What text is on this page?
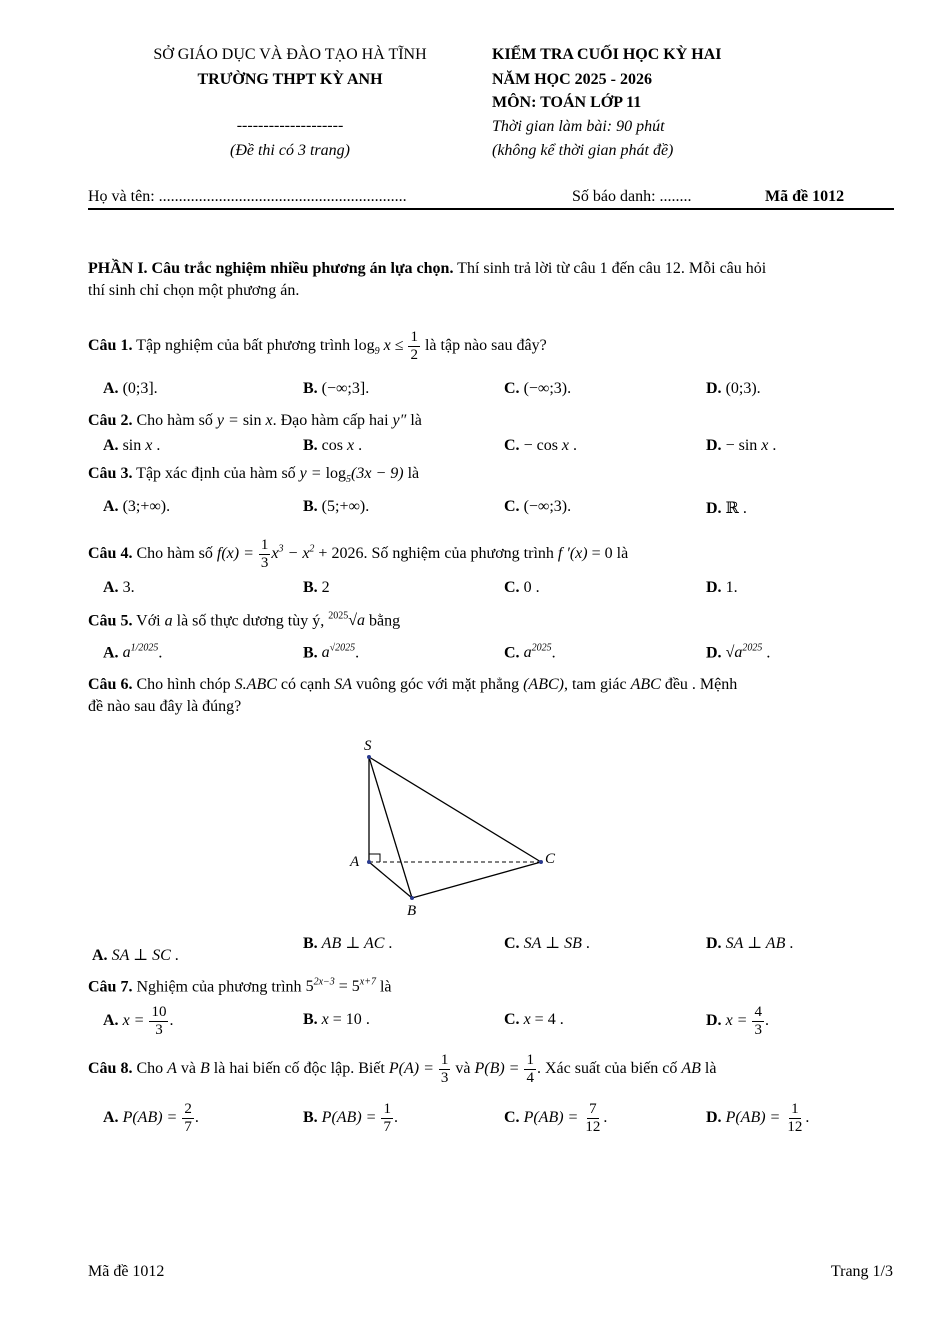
SỞ GIÁO DỤC VÀ ĐÀO TẠO HÀ TĨNH
TRƯỜNG THPT KỲ ANH
--------------------
(Đề thi có 3 trang)
KIỂM TRA CUỐI HỌC KỲ HAI
NĂM HỌC 2025 - 2026
MÔN: TOÁN LỚP 11
Thời gian làm bài: 90 phút
(không kể thời gian phát đề)
Họ và tên: ..............................................................	Số báo danh: ........	Mã đề 1012
PHẦN I. Câu trắc nghiệm nhiều phương án lựa chọn. Thí sinh trả lời từ câu 1 đến câu 12. Mỗi câu hỏi
thí sinh chỉ chọn một phương án.
Câu 1. Tập nghiệm của bất phương trình $\log_9 x \le \frac{1}{2}$ là tập nào sau đây?
A. (0;3].	B. (−∞;3].	C. (−∞;3).	D. (0;3).
Câu 2. Cho hàm số y = sin x. Đạo hàm cấp hai y″ là
A. sin x .	B. cos x .	C. − cos x .	D. − sin x .
Câu 3. Tập xác định của hàm số $y = \log_5(3x - 9)$ là
A. (3;+∞).	B. (5;+∞).	C. (−∞;3).	D. ℝ .
Câu 4. Cho hàm số $f(x) = \frac{1}{3} x^3 - x^2 + 2026$. Số nghiệm của phương trình f ′(x) = 0 là
A. 3.	B. 2	C. 0 .	D. 1.
Câu 5. Với a là số thực dương tùy ý, $^{2025}$√a bằng
A. $a^{1/2025}$.	B. $a^{√2025}$.	C. $a^{2025}$.	D. $√a^{2025}$ .
Câu 6. Cho hình chóp S.ABC có cạnh SA vuông góc với mặt phẳng (ABC), tam giác ABC đều . Mệnh
đề nào sau đây là đúng?
S
A
B
C
A. SA ⊥ SC .
B. AB ⊥ AC .	C. SA ⊥ SB .	D. SA ⊥ AB .
Câu 7. Nghiệm của phương trình $5^{2x-3} = 5^{x+7}$ là
A. $x = \frac{10}{3}$ .	B. x = 10 .	C. x = 4 .	D. $x = \frac{4}{3}$ .
Câu 8. Cho A và B là hai biến cố độc lập. Biết $P(A) = \frac{1}{3}$ và $P(B) = \frac{1}{4}$ . Xác suất của biến cố AB là
A. $P(AB) = \frac{2}{7}$ .	B. $P(AB) = \frac{1}{7}$ .	C. $P(AB) = \frac{7}{12}$ .	D. $P(AB) = \frac{1}{12}$ .
Mã đề 1012	Trang 1/3
